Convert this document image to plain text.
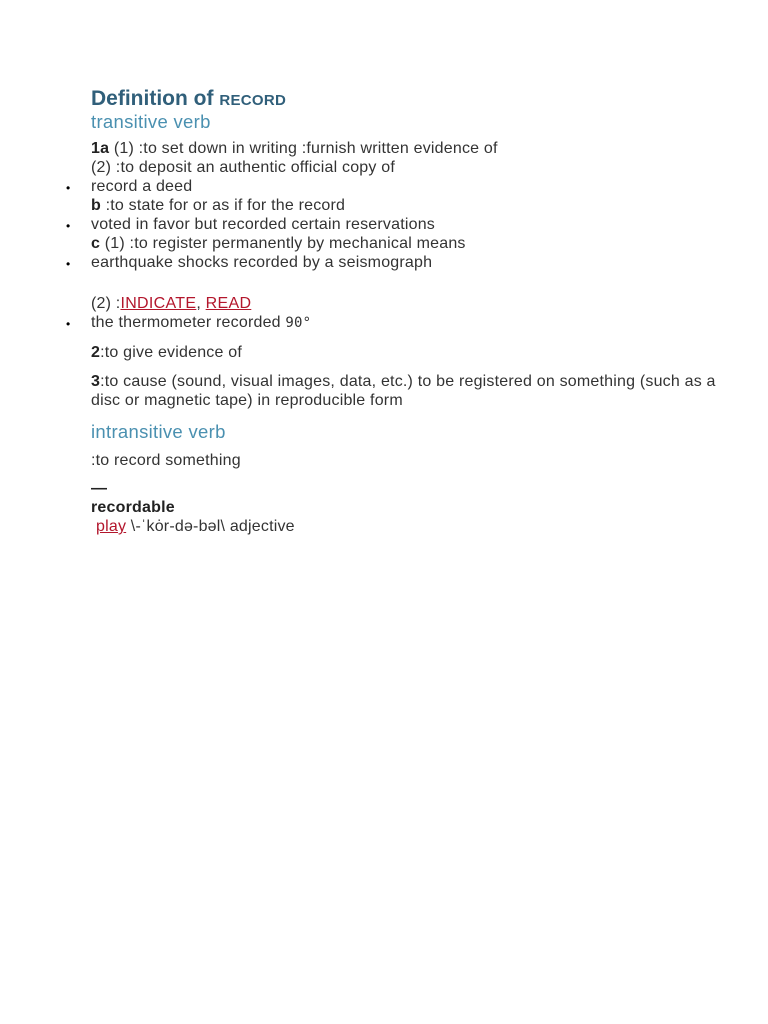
Definition of record
transitive verb
1a (1) :to set down in writing :furnish written evidence of
(2) :to deposit an authentic official copy of
• record a deed
b :to state for or as if for the record
• voted in favor but recorded certain reservations
c (1) :to register permanently by mechanical means
• earthquake shocks recorded by a seismograph
(2) :INDICATE, READ
• the thermometer recorded 90°
2:to give evidence of
3:to cause (sound, visual images, data, etc.) to be registered on something (such as a disc or magnetic tape) in reproducible form
intransitive verb
:to record something
—
recordable
play \-ˈkȯr-də-bəl\ adjective
